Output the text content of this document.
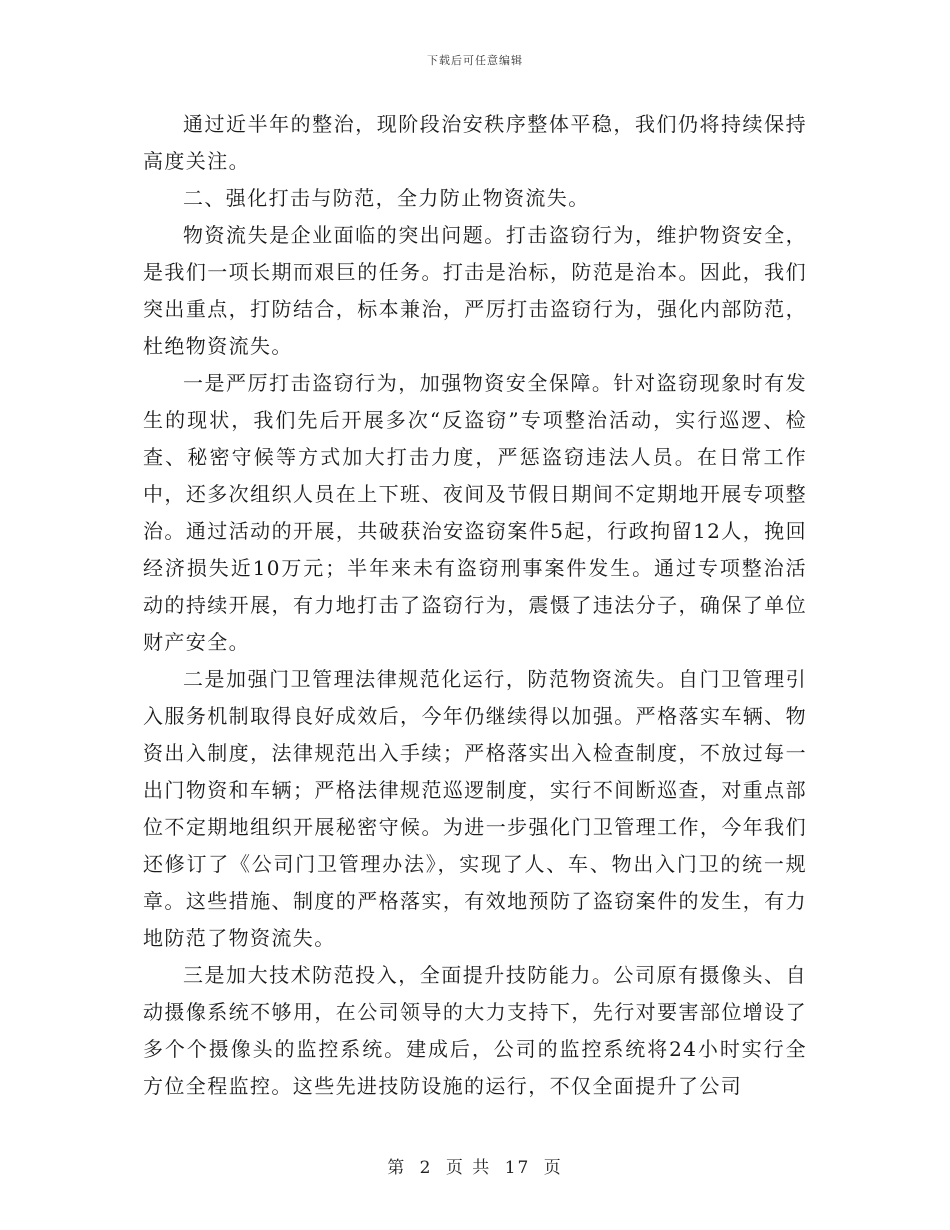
下载后可任意编辑

通过近半年的整治，现阶段治安秩序整体平稳，我们仍将持续保持高度关注。

二、强化打击与防范，全力防止物资流失。

物资流失是企业面临的突出问题。打击盗窃行为，维护物资安全，是我们一项长期而艰巨的任务。打击是治标，防范是治本。因此，我们突出重点，打防结合，标本兼治，严厉打击盗窃行为，强化内部防范，杜绝物资流失。

一是严厉打击盗窃行为，加强物资安全保障。针对盗窃现象时有发生的现状，我们先后开展多次“反盗窃”专项整治活动，实行巡逻、检查、秘密守候等方式加大打击力度，严惩盗窃违法人员。在日常工作中，还多次组织人员在上下班、夜间及节假日期间不定期地开展专项整治。通过活动的开展，共破获治安盗窃案件5起，行政拘留12人，挽回经济损失近10万元；半年来未有盗窃刑事案件发生。通过专项整治活动的持续开展，有力地打击了盗窃行为，震慑了违法分子，确保了单位财产安全。

二是加强门卫管理法律规范化运行，防范物资流失。自门卫管理引入服务机制取得良好成效后，今年仍继续得以加强。严格落实车辆、物资出入制度，法律规范出入手续；严格落实出入检查制度，不放过每一出门物资和车辆；严格法律规范巡逻制度，实行不间断巡查，对重点部位不定期地组织开展秘密守候。为进一步强化门卫管理工作，今年我们还修订了《公司门卫管理办法》，实现了人、车、物出入门卫的统一规章。这些措施、制度的严格落实，有效地预防了盗窃案件的发生，有力地防范了物资流失。

三是加大技术防范投入，全面提升技防能力。公司原有摄像头、自动摄像系统不够用，在公司领导的大力支持下，先行对要害部位增设了多个个摄像头的监控系统。建成后，公司的监控系统将24小时实行全方位全程监控。这些先进技防设施的运行，不仅全面提升了公司

第 2 页 共 17 页
